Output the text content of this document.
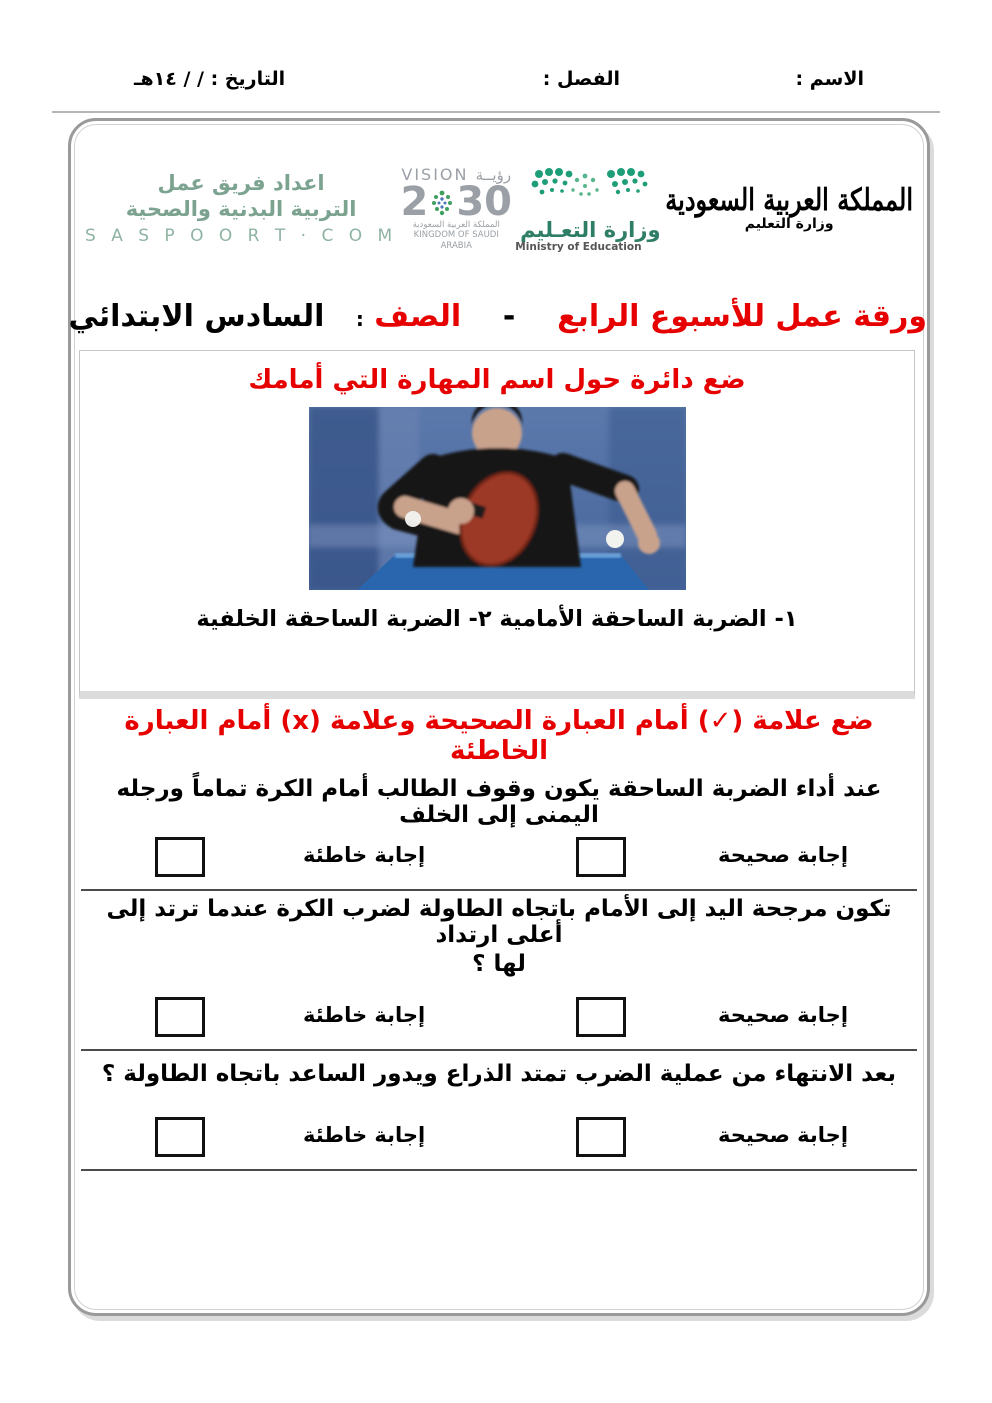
الاسم :
الفصل :
التاريخ : / / ١٤هـ
المملكة العربية السعودية
وزارة التعليم
وزارة التعـليم
Ministry of Education
VISION رؤيــة
2 30
المملكة العربية السعودية
KINGDOM OF SAUDI ARABIA
اعداد فريق عمل
التربية البدنية والصحية
S A S P O O R T · C O M
ورقة عمل للأسبوع الرابع    -    الصف :   السادس الابتدائي
ضع دائرة حول اسم المهارة التي أمامك
١- الضربة الساحقة الأمامية ٢- الضربة الساحقة الخلفية
ضع علامة (✓) أمام العبارة الصحيحة وعلامة (x) أمام العبارة الخاطئة
عند أداء الضربة الساحقة يكون وقوف الطالب أمام الكرة تماماً ورجله اليمنى إلى الخلف
إجابة صحيحة
إجابة خاطئة
تكون مرجحة اليد إلى الأمام باتجاه الطاولة لضرب الكرة عندما ترتد إلى أعلى ارتداد
لها ؟
إجابة صحيحة
إجابة خاطئة
بعد الانتهاء من عملية الضرب تمتد الذراع ويدور الساعد باتجاه الطاولة ؟
إجابة صحيحة
إجابة خاطئة
